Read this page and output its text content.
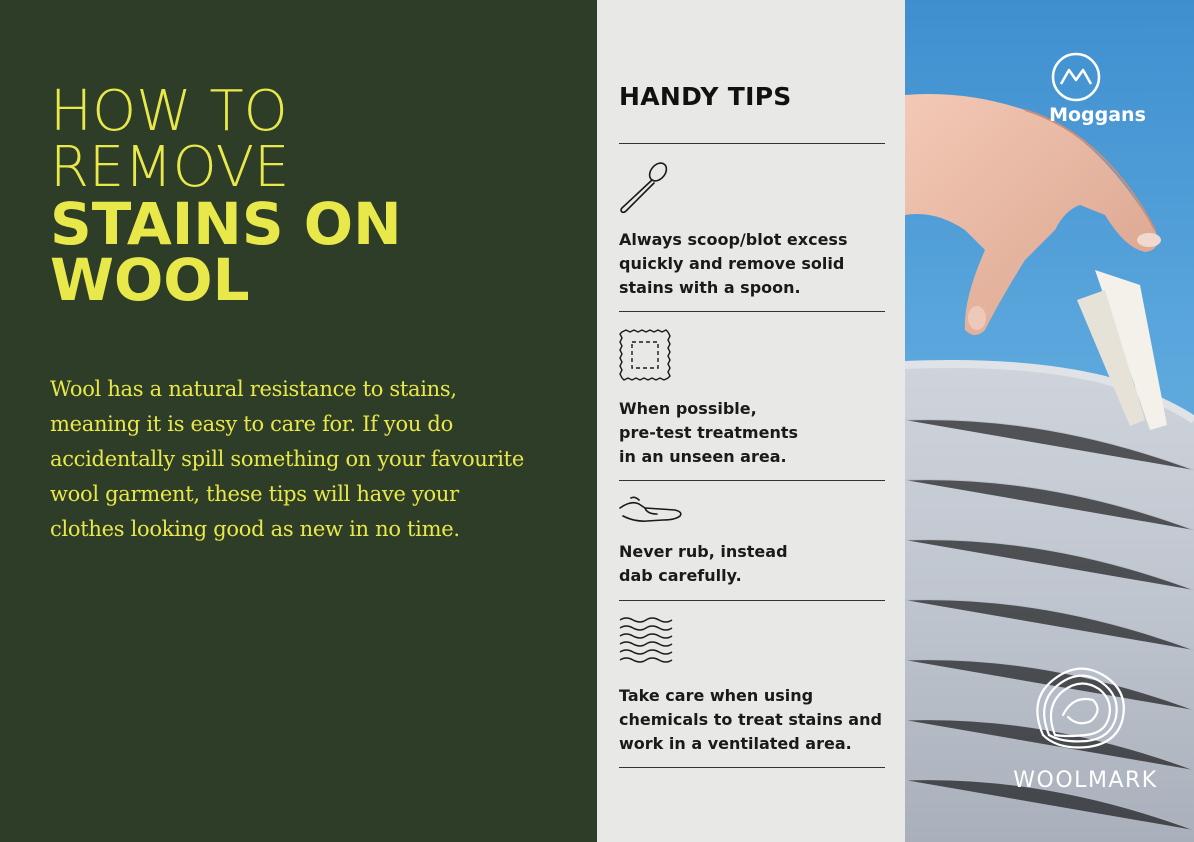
HOW TO
REMOVE
STAINS ON
WOOL
Wool has a natural resistance to stains, meaning it is easy to care for. If you do accidentally spill something on your favourite wool garment, these tips will have your clothes looking good as new in no time.
HANDY TIPS
Always scoop/blot excess
quickly and remove solid
stains with a spoon.
When possible,
pre-test treatments
in an unseen area.
Never rub, instead
dab carefully.
Take care when using
chemicals to treat stains and
work in a ventilated area.
Moggans
WOOLMARK
